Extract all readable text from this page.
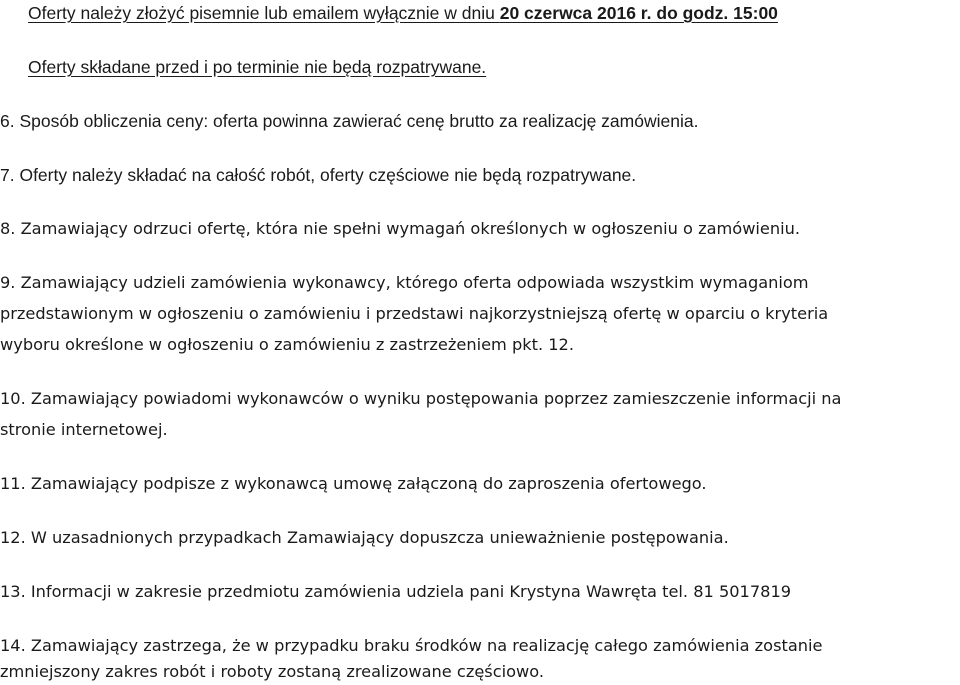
Oferty należy złożyć pisemnie lub emailem wyłącznie w dniu 20 czerwca 2016 r. do godz. 15:00
Oferty składane przed i po terminie nie będą rozpatrywane.
6. Sposób obliczenia ceny: oferta powinna zawierać cenę brutto za realizację zamówienia.
7. Oferty należy składać na całość robót, oferty częściowe nie będą rozpatrywane.
8. Zamawiający odrzuci ofertę, która nie spełni wymagań określonych w ogłoszeniu o zamówieniu.
9. Zamawiający udzieli zamówienia wykonawcy, którego oferta odpowiada wszystkim wymaganiom
przedstawionym w ogłoszeniu o zamówieniu i przedstawi najkorzystniejszą ofertę w oparciu o kryteria
wyboru określone w ogłoszeniu o zamówieniu z zastrzeżeniem pkt. 12.
10. Zamawiający powiadomi wykonawców o wyniku postępowania poprzez zamieszczenie informacji na
stronie internetowej.
11. Zamawiający podpisze z wykonawcą umowę załączoną do zaproszenia ofertowego.
12. W uzasadnionych przypadkach Zamawiający dopuszcza unieważnienie postępowania.
13. Informacji w zakresie przedmiotu zamówienia udziela pani Krystyna Wawręta tel. 81 5017819
14. Zamawiający zastrzega, że w przypadku braku środków na realizację całego zamówienia zostanie
zmniejszony zakres robót i roboty zostaną zrealizowane częściowo.
